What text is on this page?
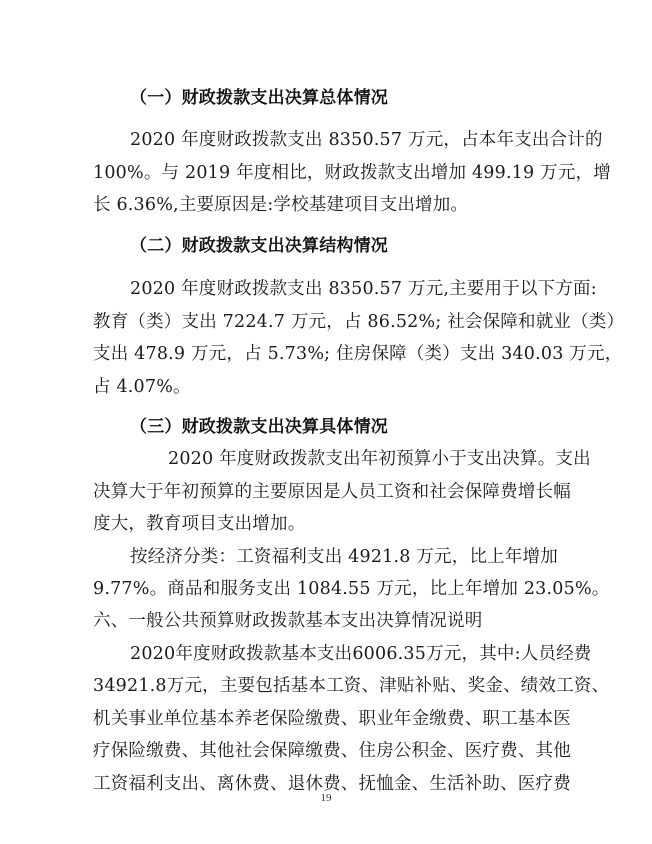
（一）财政拨款支出决算总体情况
2020 年度财政拨款支出 8350.57 万元，占本年支出合计的
100%。与 2019 年度相比，财政拨款支出增加 499.19 万元，增
长 6.36%,主要原因是:学校基建项目支出增加。
（二）财政拨款支出决算结构情况
2020 年度财政拨款支出 8350.57 万元,主要用于以下方面:
教育（类）支出 7224.7 万元，占 86.52%; 社会保障和就业（类）
支出 478.9 万元，占 5.73%; 住房保障（类）支出 340.03 万元，
占 4.07%。
（三）财政拨款支出决算具体情况
2020 年度财政拨款支出年初预算小于支出决算。支出
决算大于年初预算的主要原因是人员工资和社会保障费增长幅
度大，教育项目支出增加。
按经济分类：工资福利支出 4921.8 万元，比上年增加
9.77%。商品和服务支出 1084.55 万元，比上年增加 23.05%。
六、一般公共预算财政拨款基本支出决算情况说明
2020年度财政拨款基本支出6006.35万元，其中:人员经费
34921.8万元，主要包括基本工资、津贴补贴、奖金、绩效工资、
机关事业单位基本养老保险缴费、职业年金缴费、职工基本医
疗保险缴费、其他社会保障缴费、住房公积金、医疗费、其他
工资福利支出、离休费、退休费、抚恤金、生活补助、医疗费
19
